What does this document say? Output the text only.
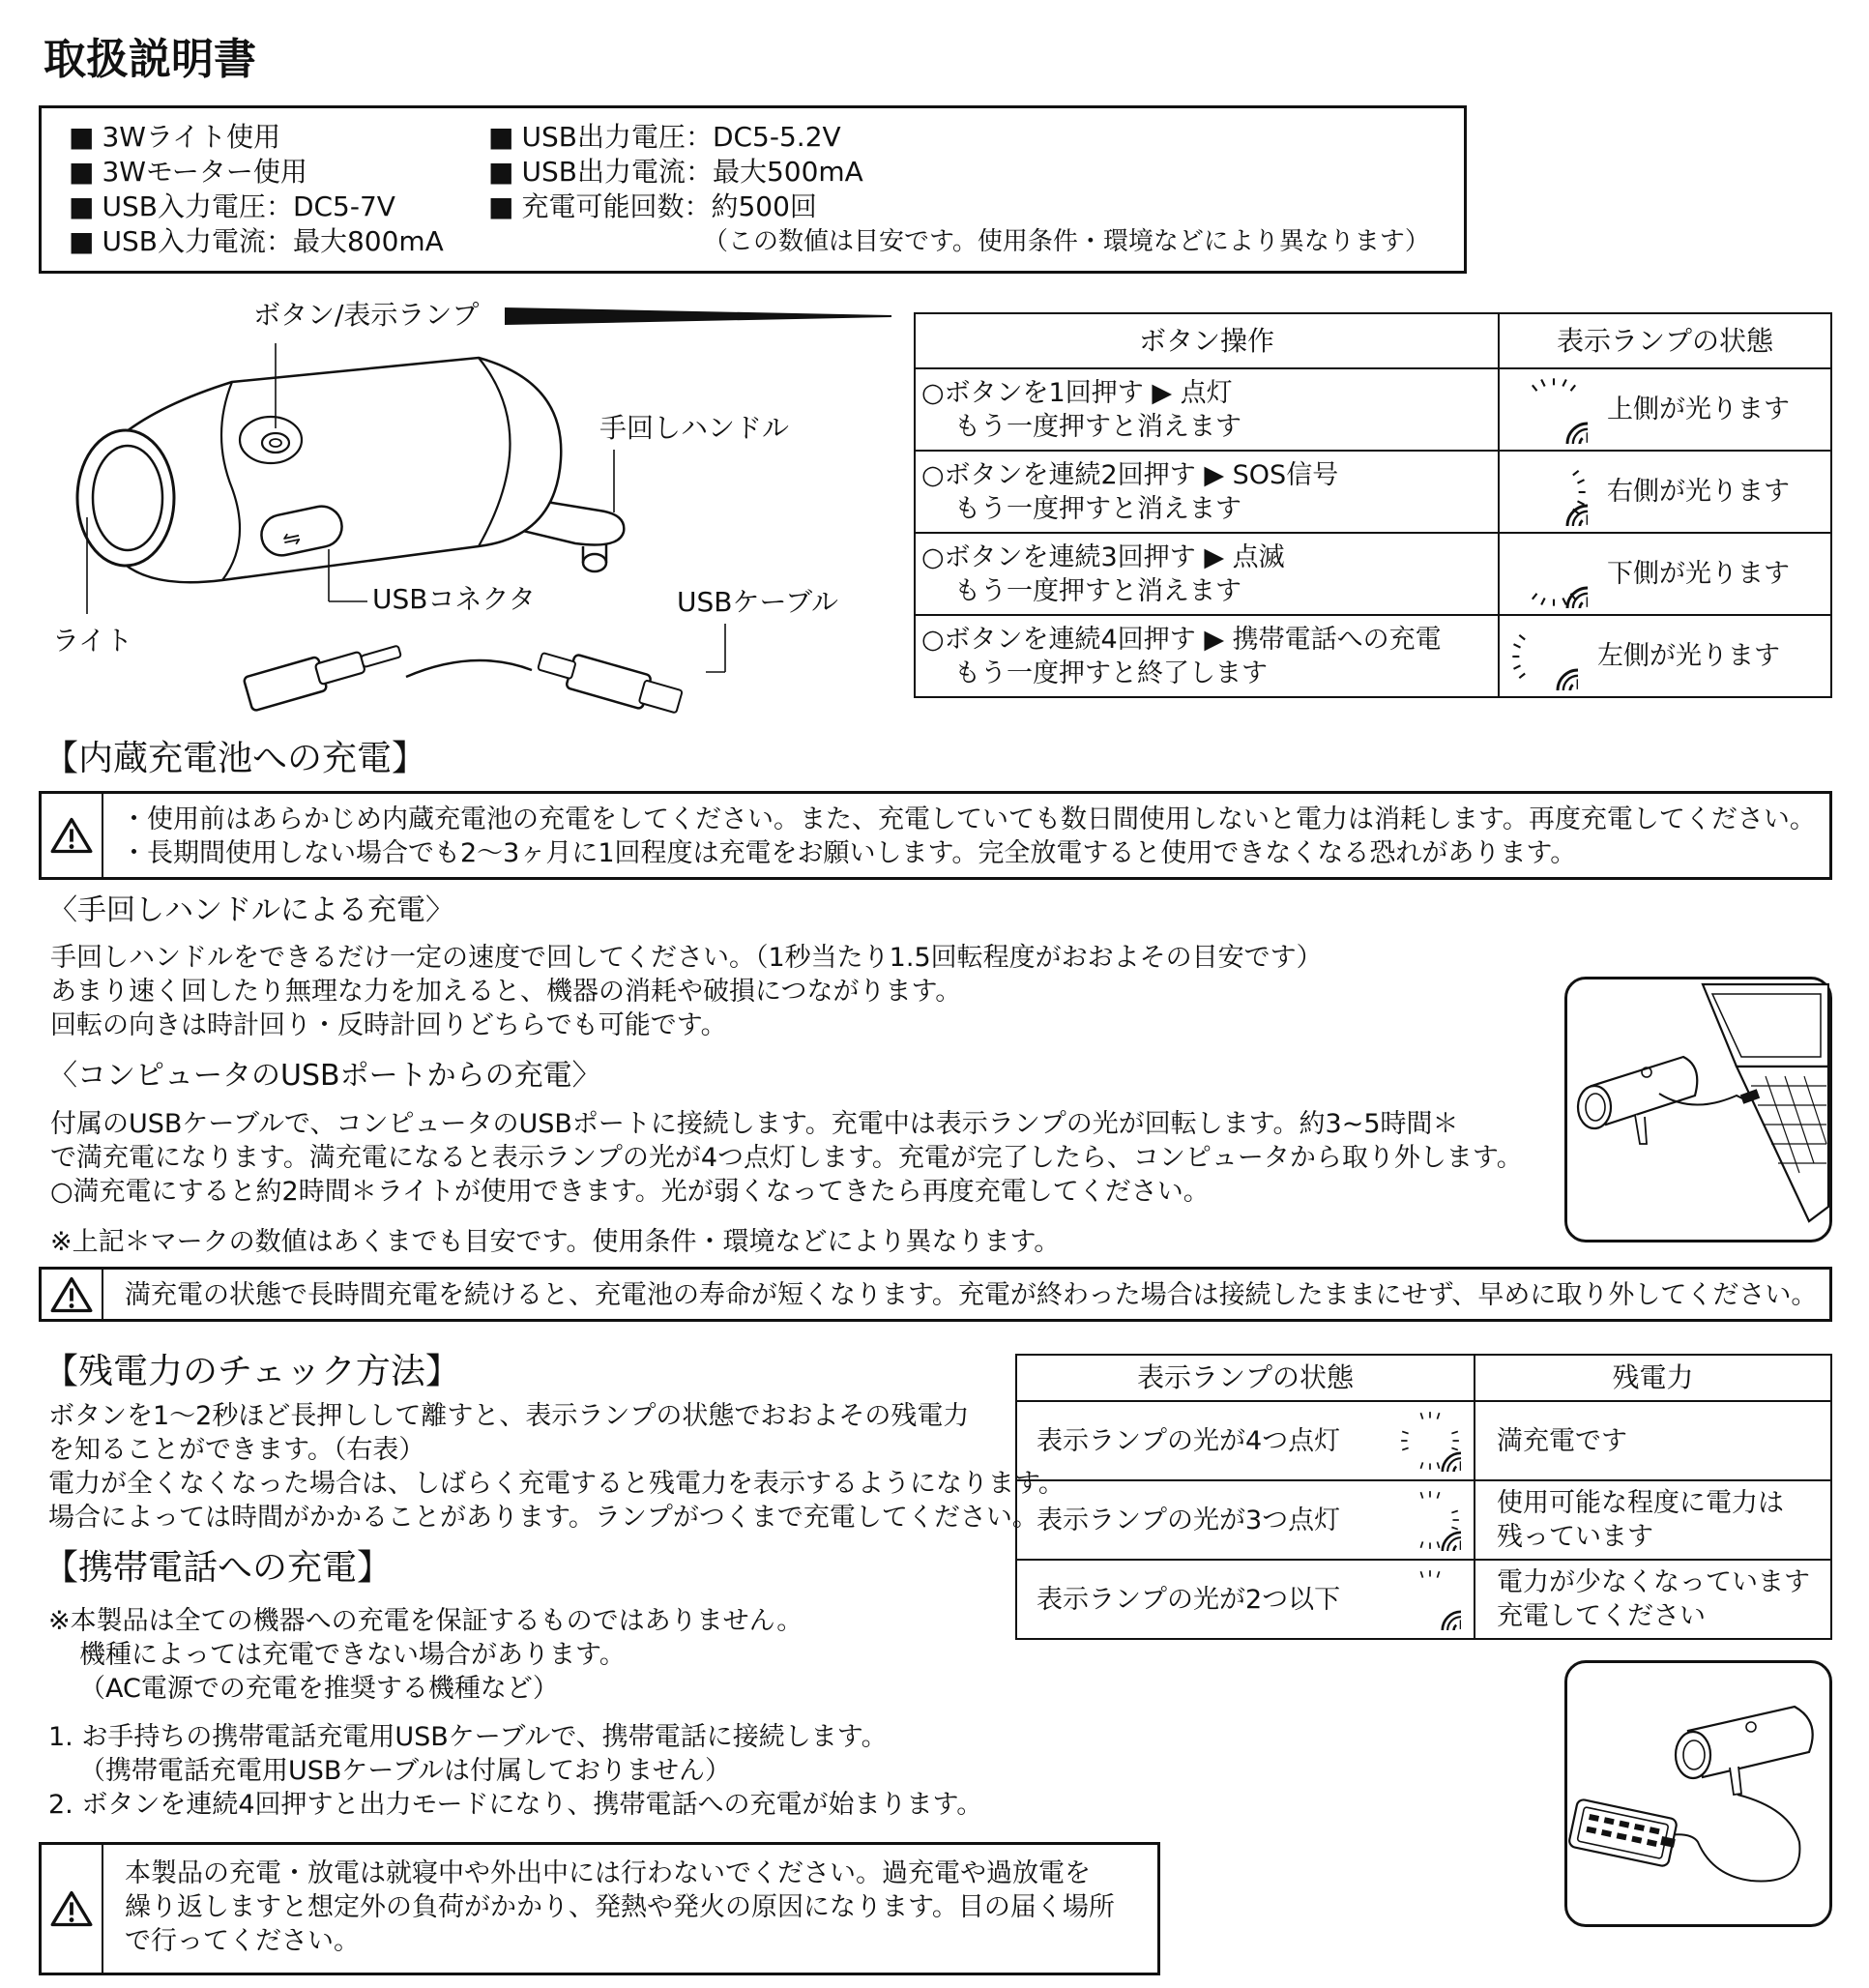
取扱説明書
■ 3Wライト使用
■ 3Wモーター使用
■ USB入力電圧：DC5-7V
■ USB入力電流：最大800mA
■ USB出力電圧：DC5-5.2V
■ USB出力電流：最大500mA
■ 充電可能回数：約500回
（この数値は目安です。使用条件・環境などにより異なります）
⇋
ボタン/表示ランプ
手回しハンドル
USBコネクタ	USBケーブル
ライト
ボタン操作	表示ランプの状態

○ボタンを1回押す ▶ 点灯
もう一度押すと消えます	上側が光ります

○ボタンを連続2回押す ▶ SOS信号
もう一度押すと消えます	右側が光ります

○ボタンを連続3回押す ▶ 点滅
もう一度押すと消えます	下側が光ります

○ボタンを連続4回押す ▶ 携帯電話への充電
もう一度押すと終了します	左側が光ります
【内蔵充電池への充電】
・使用前はあらかじめ内蔵充電池の充電をしてください。また、充電していても数日間使用しないと電力は消耗します。再度充電してください。
・長期間使用しない場合でも2〜3ヶ月に1回程度は充電をお願いします。完全放電すると使用できなくなる恐れがあります。
〈手回しハンドルによる充電〉
手回しハンドルをできるだけ一定の速度で回してください。（1秒当たり1.5回転程度がおおよその目安です）
あまり速く回したり無理な力を加えると、機器の消耗や破損につながります。
回転の向きは時計回り・反時計回りどちらでも可能です。
〈コンピュータのUSBポートからの充電〉
付属のUSBケーブルで、コンピュータのUSBポートに接続します。充電中は表示ランプの光が回転します。約3~5時間＊
で満充電になります。満充電になると表示ランプの光が4つ点灯します。充電が完了したら、コンピュータから取り外します。
○満充電にすると約2時間＊ライトが使用できます。光が弱くなってきたら再度充電してください。
※上記＊マークの数値はあくまでも目安です。使用条件・環境などにより異なります。
満充電の状態で長時間充電を続けると、充電池の寿命が短くなります。充電が終わった場合は接続したままにせず、早めに取り外してください。
【残電力のチェック方法】
ボタンを1〜2秒ほど長押しして離すと、表示ランプの状態でおおよその残電力
を知ることができます。（右表）
電力が全くなくなった場合は、しばらく充電すると残電力を表示するようになります。
場合によっては時間がかかることがあります。ランプがつくまで充電してください。
表示ランプの状態	残電力

表示ランプの光が4つ点灯	満充電です

表示ランプの光が3つ点灯	使用可能な程度に電力は
残っています

表示ランプの光が2つ以下	電力が少なくなっています
充電してください
【携帯電話への充電】
※本製品は全ての機器への充電を保証するものではありません。
機種によっては充電できない場合があります。
（AC電源での充電を推奨する機種など）
1. お手持ちの携帯電話充電用USBケーブルで、携帯電話に接続します。
（携帯電話充電用USBケーブルは付属しておりません）
2. ボタンを連続4回押すと出力モードになり、携帯電話への充電が始まります。
本製品の充電・放電は就寝中や外出中には行わないでください。過充電や過放電を
繰り返しますと想定外の負荷がかかり、発熱や発火の原因になります。目の届く場所
で行ってください。
